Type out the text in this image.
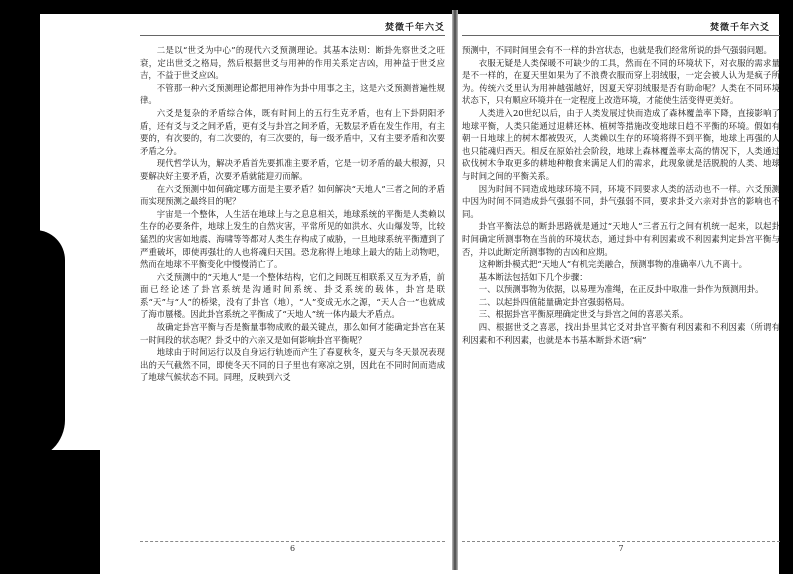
焚徵千年六爻

二是以“世爻为中心”的现代六爻预测理论。其基本法则：断卦先察世爻之旺衰，定出世爻之格局，然后根据世爻与用神的作用关系定吉凶，用神益于世爻应吉，不益于世爻应凶。

不管那一种六爻预测理论都把用神作为卦中用事之主，这是六爻预测普遍性规律。

六爻是复杂的矛盾综合体，既有时间上的五行生克矛盾，也有上下卦阴阳矛盾，还有爻与爻之间矛盾，更有爻与卦宫之间矛盾，无数层矛盾在发生作用，有主要的，有次要的，有二次要的，有三次要的，每一级矛盾中，又有主要矛盾和次要矛盾之分。

现代哲学认为，解决矛盾首先要抓准主要矛盾，它是一切矛盾的最大根源，只要解决好主要矛盾，次要矛盾就能迎刃而解。

在六爻预测中如何确定哪方面是主要矛盾？如何解决“天地人”三者之间的矛盾而实现预测之最终目的呢？

宇宙是一个整体，人生活在地球上与之息息相关，地球系统的平衡是人类赖以生存的必要条件，地球上发生的自然灾害，平常所见的如洪水、火山爆发等，比较猛烈的灾害如地震、海啸等等都对人类生存构成了威胁，一旦地球系统平衡遭到了严重破坏，即使再强壮的人也将魂归天国。恐龙称得上地球上最大的陆上动物吧，然而在地球不平衡变化中慢慢消亡了。

六爻预测中的“天地人”是一个整体结构，它们之间既互相联系又互为矛盾，前面已经论述了卦宫系统是沟通时间系统、卦爻系统的载体，卦宫是联系“天”与“人”的桥梁，没有了卦宫（地），“人”变成无水之源，“天人合一”也就成了海市蜃楼。因此卦宫系统之平衡成了“天地人”统一体内最大矛盾点。

故确定卦宫平衡与否是衡量事物成败的最关键点，那么如何才能确定卦宫在某一时间段的状态呢？卦爻中的六亲又是如何影响卦宫平衡呢？

地球由于时间运行以及自身运行轨迹而产生了春夏秋冬，夏天与冬天景况表现出的天气截然不同，即使冬天不同的日子里也有寒凉之别，因此在不同时间而造成了地球气候状态不同。同理，反映到六爻

6
焚徵千年六爻

预测中，不同时间里会有不一样的卦宫状态，也就是我们经常所说的卦气强弱问题。

衣服无疑是人类保暖不可缺少的工具，然而在不同的环境状下，对衣服的需求量是不一样的，在夏天里如果为了不浪费衣服而穿上羽绒服，一定会被人认为是疯子所为。传统六爻里认为用神越强越好，因夏天穿羽绒服是否有助命呢？人类在不同环境状态下，只有顺应环境并在一定程度上改造环境，才能使生活变得更美好。

人类进入20世纪以后，由于人类发展过快而造成了森林覆盖率下降，直接影响了地球平衡，人类只能通过退耕还林、植树等措施改变地球日趋不平衡的环境。假如有朝一日地球上的树木都被毁灭，人类赖以生存的环境将得不到平衡，地球上再强的人也只能魂归西天。相反在原始社会阶段，地球上森林覆盖率太高的情况下，人类通过砍伐树木争取更多的耕地种粮食来满足人们的需求，此现象就是活脱脱的人类、地球与时间之间的平衡关系。

因为时间不同造成地球环境不同，环境不同要求人类的活动也不一样。六爻预测中因为时间不同造成卦气强弱不同，卦气强弱不同，要求卦爻六亲对卦宫的影响也不同。

卦宫平衡法总的断卦思路就是通过“天地人”三者五行之间有机统一起来，以起卦时间确定所测事物在当前的环境状态，通过卦中有利因素或不利因素判定卦宫平衡与否，并以此断定所测事物的吉凶和应期。

这种断卦模式把“天地人”有机完美融合，预测事物的准确率八九不离十。

基本断法包括如下几个步骤：

一、以预测事物为依据，以易理为准绳，在正反卦中取准一卦作为预测用卦。

二、以起卦四值能量确定卦宫强弱格局。

三、根据卦宫平衡原理确定世爻与卦宫之间的喜恶关系。

四、根据世爻之喜恶，找出卦里其它爻对卦宫平衡有利因素和不利因素（所谓有利因素和不利因素，也就是本书基本断卦术语“病”

7
